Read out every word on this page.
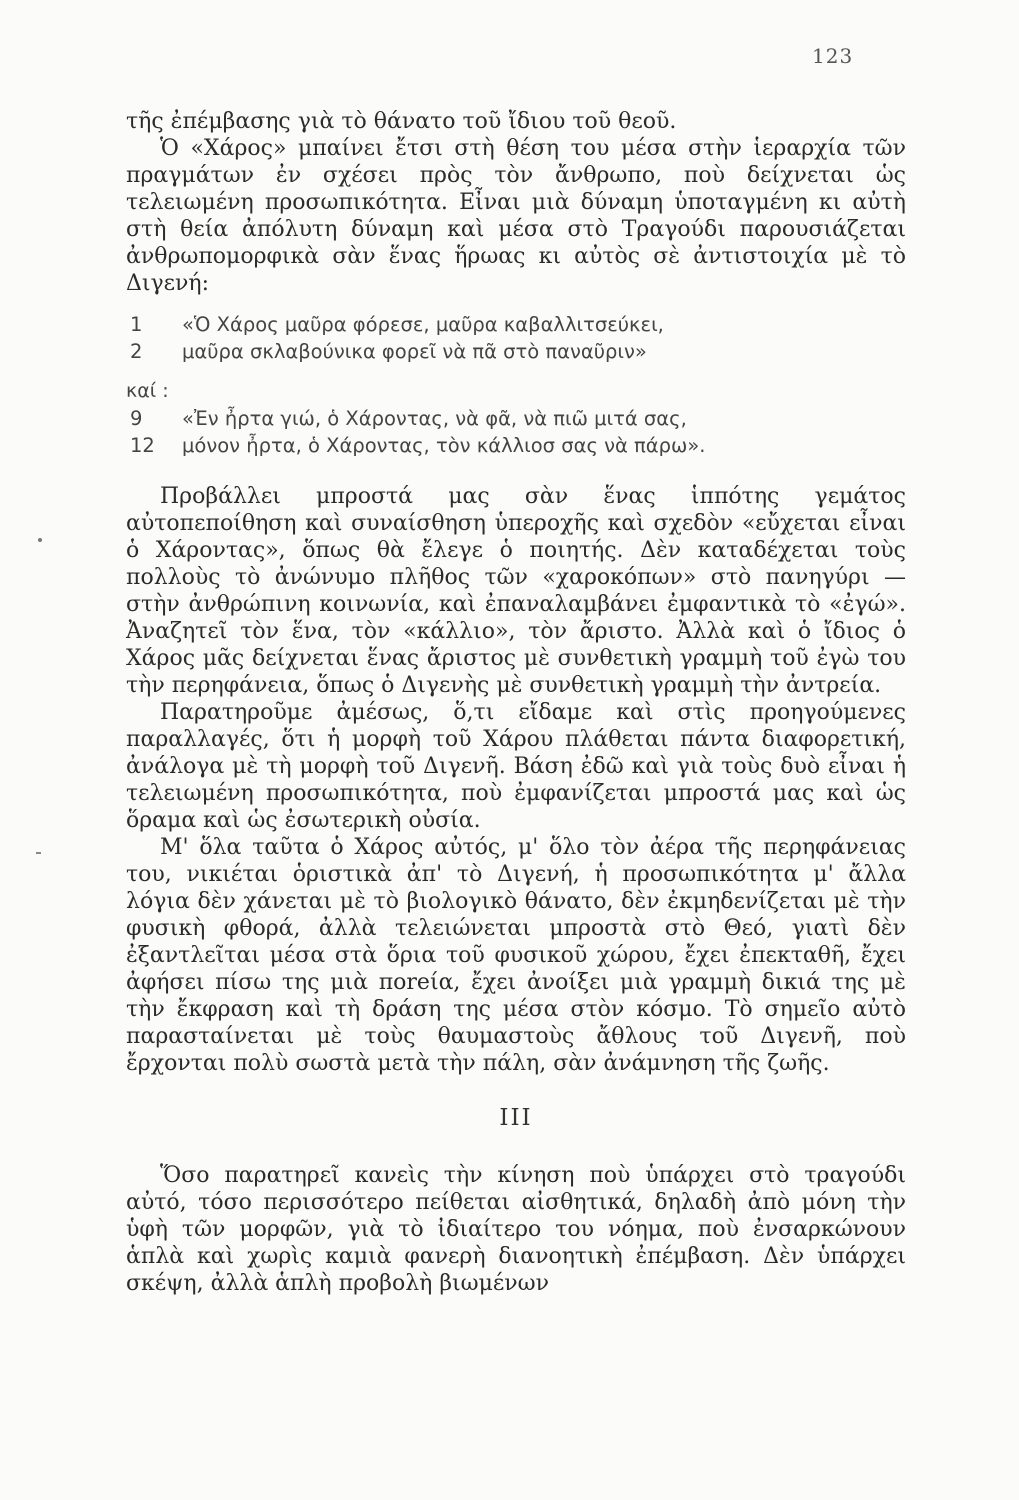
123

τῆς ἐπέμβασης γιὰ τὸ θάνατο τοῦ ἴδιου τοῦ θεοῦ.

Ὁ «Χάρος» μπαίνει ἔτσι στὴ θέση του μέσα στὴν ἱεραρχία τῶν πραγμάτων ἐν σχέσει πρὸς τὸν ἄνθρωπο, ποὺ δείχνεται ὡς τελειωμένη προσωπικότητα. Εἶναι μιὰ δύναμη ὑποταγμένη κι αὐτὴ στὴ θεία ἀπόλυτη δύναμη καὶ μέσα στὸ Τραγούδι παρουσιάζεται ἀνθρωπομορφικὰ σὰν ἕνας ἥρωας κι αὐτὸς σὲ ἀντιστοιχία μὲ τὸ Διγενή:

1	«Ὁ Χάρος μαῦρα φόρεσε, μαῦρα καβαλλιτσεύκει,
2	μαῦρα σκλαβούνικα φορεῖ νὰ πᾶ στὸ παναῦριν»
καί :
9	«Ἐν ἦρτα γιώ, ὁ Χάροντας, νὰ φᾶ, νὰ πιῶ μιτά σας,
12	μόνον ἦρτα, ὁ Χάροντας, τὸν κάλλιοσ σας νὰ πάρω».

Προβάλλει μπροστά μας σὰν ἕνας ἱππότης γεμάτος αὐτοπεποίθηση καὶ συναίσθηση ὑπεροχῆς καὶ σχεδὸν «εὔχεται εἶναι ὁ Χάροντας», ὅπως θὰ ἔλεγε ὁ ποιητής. Δὲν καταδέχεται τοὺς πολλοὺς τὸ ἀνώνυμο πλῆθος τῶν «χαροκόπων» στὸ πανηγύρι — στὴν ἀνθρώπινη κοινωνία, καὶ ἐπαναλαμβάνει ἐμφαντικὰ τὸ «ἐγώ». Ἀναζητεῖ τὸν ἕνα, τὸν «κάλλιο», τὸν ἄριστο. Ἀλλὰ καὶ ὁ ἴδιος ὁ Χάρος μᾶς δείχνεται ἕνας ἄριστος μὲ συνθετικὴ γραμμὴ τοῦ ἐγὼ του τὴν περηφάνεια, ὅπως ὁ Διγενὴς μὲ συνθετικὴ γραμμὴ τὴν ἀντρεία.

Παρατηροῦμε ἀμέσως, ὅ,τι εἴδαμε καὶ στὶς προηγούμενες παραλλαγές, ὅτι ἡ μορφὴ τοῦ Χάρου πλάθεται πάντα διαφορετική, ἀνάλογα μὲ τὴ μορφὴ τοῦ Διγενῆ. Βάση ἐδῶ καὶ γιὰ τοὺς δυὸ εἶναι ἡ τελειωμένη προσωπικότητα, ποὺ ἐμφανίζεται μπροστά μας καὶ ὡς ὅραμα καὶ ὡς ἐσωτερικὴ οὐσία.

Μ' ὅλα ταῦτα ὁ Χάρος αὐτός, μ' ὅλο τὸν ἀέρα τῆς περηφάνειας του, νικιέται ὁριστικὰ ἀπ' τὸ Διγενή, ἡ προσωπικότητα μ' ἄλλα λόγια δὲν χάνεται μὲ τὸ βιολογικὸ θάνατο, δὲν ἐκμηδενίζεται μὲ τὴν φυσικὴ φθορά, ἀλλὰ τελειώνεται μπροστὰ στὸ Θεό, γιατὶ δὲν ἐξαντλεῖται μέσα στὰ ὅρια τοῦ φυσικοῦ χώρου, ἔχει ἐπεκταθῆ, ἔχει ἀφήσει πίσω της μιὰ ποreία, ἔχει ἀνοίξει μιὰ γραμμὴ δικιά της μὲ τὴν ἔκφραση καὶ τὴ δράση της μέσα στὸν κόσμο. Τὸ σημεῖο αὐτὸ παρασταίνεται μὲ τοὺς θαυμαστοὺς ἄθλους τοῦ Διγενῆ, ποὺ ἔρχονται πολὺ σωστὰ μετὰ τὴν πάλη, σὰν ἀνάμνηση τῆς ζωῆς.

III

Ὅσο παρατηρεῖ κανεὶς τὴν κίνηση ποὺ ὑπάρχει στὸ τραγούδι αὐτό, τόσο περισσότερο πείθεται αἰσθητικά, δηλαδὴ ἀπὸ μόνη τὴν ὑφὴ τῶν μορφῶν, γιὰ τὸ ἰδιαίτερο του νόημα, ποὺ ἐνσαρκώνουν ἁπλὰ καὶ χωρὶς καμιὰ φανερὴ διανοητικὴ ἐπέμβαση. Δὲν ὑπάρχει σκέψη, ἀλλὰ ἁπλὴ προβολὴ βιωμένων
